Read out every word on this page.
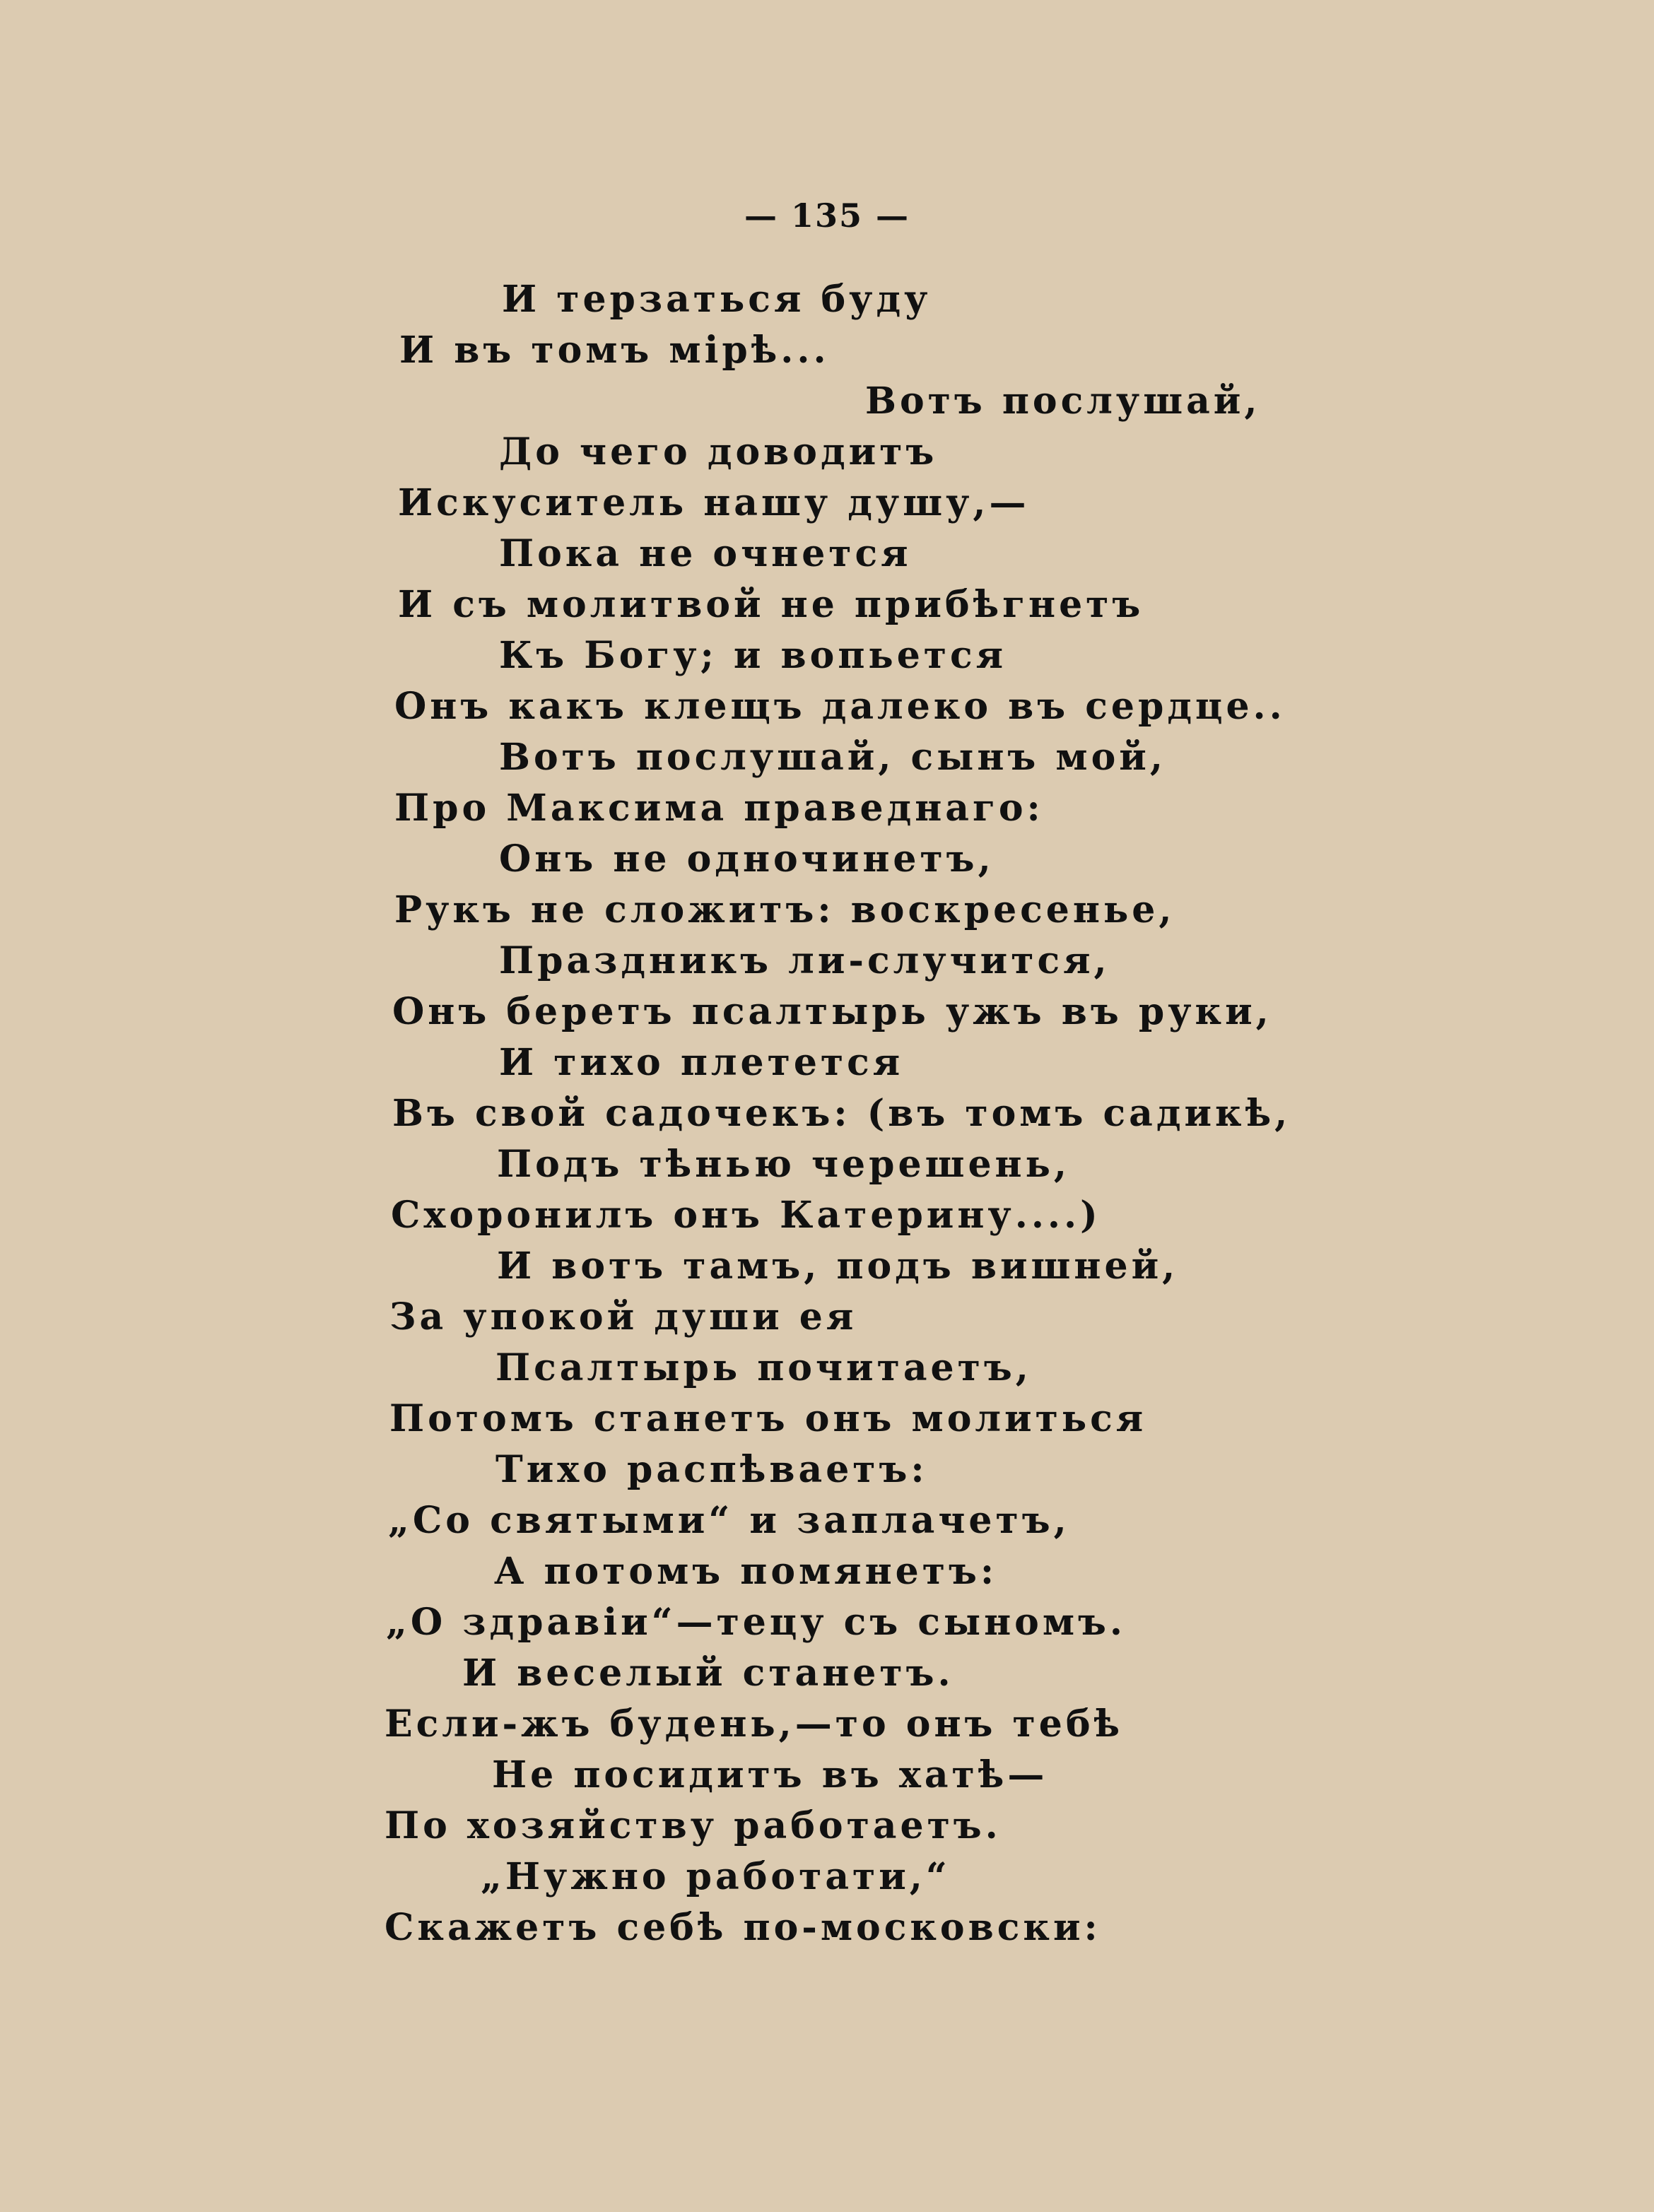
— 135 —
И терзаться буду
И въ томъ мірѣ...
Вотъ послушай,
До чего доводитъ
Искуситель нашу душу,—
Пока не очнется
И съ молитвой не прибѣгнетъ
Къ Богу; и вопьется
Онъ какъ клещъ далеко въ сердце..
Вотъ послушай, сынъ мой,
Про Максима праведнаго:
Онъ не одночинетъ,
Рукъ не сложитъ: воскресенье,
Праздникъ ли-случится,
Онъ беретъ псалтырь ужъ въ руки,
И тихо плетется
Въ свой садочекъ: (въ томъ садикѣ,
Подъ тѣнью черешень,
Схоронилъ онъ Катерину....)
И вотъ тамъ, подъ вишней,
За упокой души ея
Псалтырь почитаетъ,
Потомъ станетъ онъ молиться
Тихо распѣваетъ:
„Со святыми“ и заплачетъ,
А потомъ помянетъ:
„О здравіи“—тецу съ сыномъ.
И веселый станетъ.
Если-жъ будень,—то онъ тебѣ
Не посидитъ въ хатѣ—
По хозяйству работаетъ.
„Нужно работати,“
Скажетъ себѣ по-московски:
